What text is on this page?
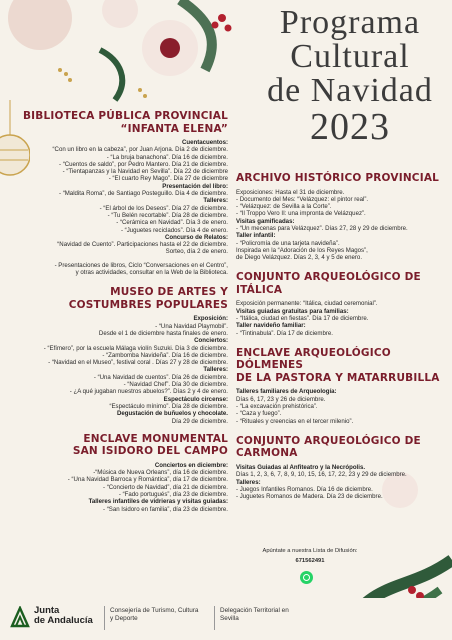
Programa
Cultural
de Navidad
2023
BIBLIOTECA PÚBLICA PROVINCIAL
“INFANTA ELENA”
Cuentacuentos:
“Con un libro en la cabeza”, por Juan Arjona. Día 2 de diciembre.
- “La bruja banachona”. Día 16 de diciembre.
- “Cuentos de saldo”, por Pedro Mantero. Día 21 de diciembre.
- “Tientapanzas y la Navidad en Sevilla”. Día 22 de diciembre
- “El cuarto Rey Mago”. Día 27 de diciembre
Presentación del libro:
- “Maldita Roma”, de Santiago Posteguillo. Día 4 de diciembre.
Talleres:
- “El árbol de los Deseos”. Día 27 de diciembre.
- “Tu Belén recortable”. Día 28 de diciembre.
- “Cerámica en Navidad”. Día 3 de enero.
- “Juguetes reciclados”. Día 4 de enero.
Concurso de Relatos:
“Navidad de Cuento”. Participaciones hasta el 22 de diciembre.
Sorteo, día 2 de enero.
- Presentaciones de libros, Ciclo “Conversaciones en el Centro”,
y otras actividades, consultar en la Web de la Biblioteca.
MUSEO DE ARTES Y
COSTUMBRES POPULARES
Exposición:
- “Una Navidad Playmobil”.
Desde el 1 de diciembre hasta finales de enero.
Conciertos:
- “Efímero”, por la escuela Málaga violín Suzuki. Día 3 de diciembre.
- “Zambomba Navideña”. Día 16 de diciembre.
- “Navidad en el Museo”, festival coral . Días 27 y 28 de diciembre.
Talleres:
- “Una Navidad de cuentos”. Día 26 de diciembre.
- “Navidad Chef”. Día 30 de diciembre.
- ¿A qué jugaban nuestros abuelos?”. Días 2 y 4 de enero.
Espectáculo circense:
“Espectáculo mínimo”. Día 28 de diciembre.
Degustación de buñuelos y chocolate.
Día 29 de diciembre.
ENCLAVE MONUMENTAL
SAN ISIDORO DEL CAMPO
Conciertos en diciembre:
-“Música de Nueva Orleans”, día 16 de diciembre.
- “Una Navidad Barroca y Romántica”, día 17 de diciembre.
- “Concierto de Navidad”, día 21 de diciembre.
- “Fado portugués”, día 23 de diciembre.
Talleres infantiles de vidrieras y visitas guiadas:
- “San Isidoro en familia”, día 23 de diciembre.
ARCHIVO HISTÓRICO PROVINCIAL
Exposiciones: Hasta el 31 de diciembre.
- Documento del Mes: “Velázquez: el pintor real”.
- “Velázquez: de Sevilla a la Corte”.
- “Il Troppo Vero II: una impronta de Velázquez”.
Visitas gamificadas:
- “Un mecenas para Velázquez”. Días 27, 28 y 29 de diciembre.
Taller infantil:
- “Policromía de una tarjeta navideña”.
Inspirada en la “Adoración de los Reyes Magos”,
de Diego Velázquez. Días 2, 3, 4 y 5 de enero.
CONJUNTO ARQUEOLÓGICO DE
ITÁLICA
Exposición permanente: “Itálica, ciudad ceremonial”.
Visitas guiadas gratuitas para familias:
- “Itálica, ciudad en fiestas”. Día 17 de diciembre.
Taller navideño familiar:
- “Tintinabula”. Día 17 de diciembre.
ENCLAVE ARQUEOLÓGICO DÓLMENES
DE LA PASTORA Y MATARRUBILLA
Talleres familiares de Arqueología:
Días 6, 17, 23 y 26 de diciembre.
- “La excavación prehistórica”.
- “Caza y fuego”.
- “Rituales y creencias en el tercer milenio”.
CONJUNTO ARQUEOLÓGICO DE
CARMONA
Visitas Guiadas al Anfiteatro y la Necrópolis.
Días 1, 2, 3, 6, 7, 8, 9, 10, 15, 16, 17, 22, 23 y 29 de diciembre.
Talleres:
- Juegos Infantiles Romanos. Día 16 de diciembre.
- Juguetes Romanos de Madera. Día 23 de diciembre.
Apúntate a nuestra Lista de Difusión:
671562491
Junta
de Andalucía
Consejería de Turismo, Cultura
y Deporte
Delegación Territorial en
Sevilla
